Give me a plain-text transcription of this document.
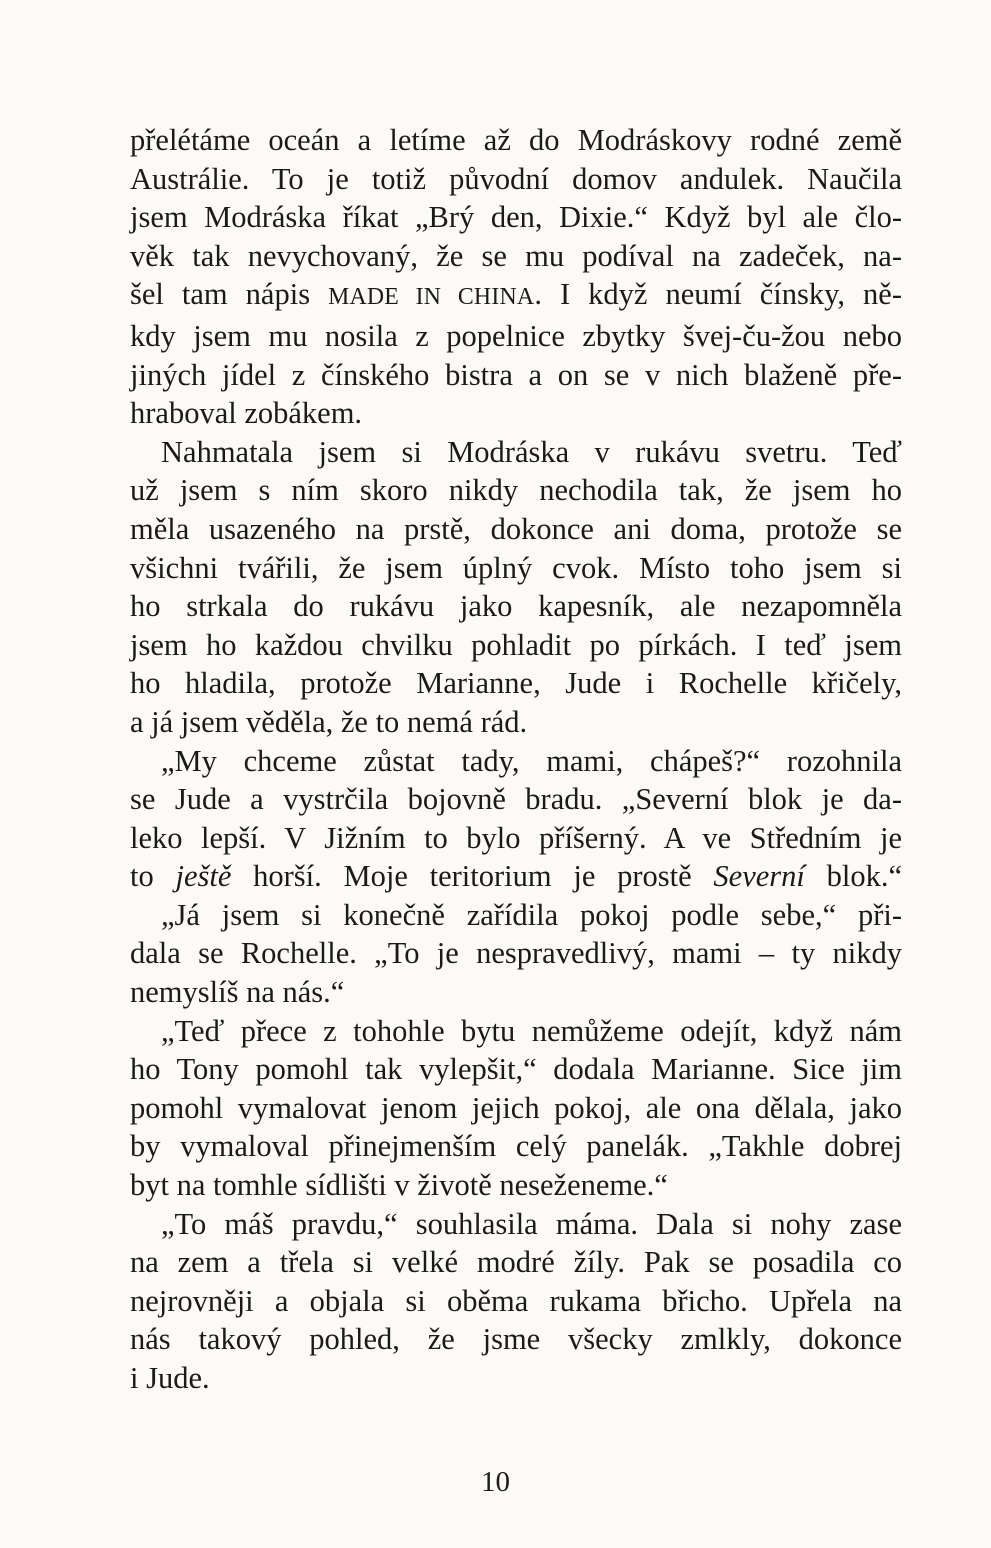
přelétáme oceán a letíme až do Modráskovy rodné země
Austrálie. To je totiž původní domov andulek. Naučila
jsem Modráska říkat „Brý den, Dixie.“ Když byl ale člo-
věk tak nevychovaný, že se mu podíval na zadeček, na-
šel tam nápis MADE IN CHINA. I když neumí čínsky, ně-
kdy jsem mu nosila z popelnice zbytky švej-ču-žou nebo
jiných jídel z čínského bistra a on se v nich blaženě pře-
hraboval zobákem.
Nahmatala jsem si Modráska v rukávu svetru. Teď
už jsem s ním skoro nikdy nechodila tak, že jsem ho
měla usazeného na prstě, dokonce ani doma, protože se
všichni tvářili, že jsem úplný cvok. Místo toho jsem si
ho strkala do rukávu jako kapesník, ale nezapomněla
jsem ho každou chvilku pohladit po pírkách. I teď jsem
ho hladila, protože Marianne, Jude i Rochelle křičely,
a já jsem věděla, že to nemá rád.
„My chceme zůstat tady, mami, chápeš?“ rozohnila
se Jude a vystrčila bojovně bradu. „Severní blok je da-
leko lepší. V Jižním to bylo příšerný. A ve Středním je
to ještě horší. Moje teritorium je prostě Severní blok.“
„Já jsem si konečně zařídila pokoj podle sebe,“ při-
dala se Rochelle. „To je nespravedlivý, mami – ty nikdy
nemyslíš na nás.“
„Teď přece z tohohle bytu nemůžeme odejít, když nám
ho Tony pomohl tak vylepšit,“ dodala Marianne. Sice jim
pomohl vymalovat jenom jejich pokoj, ale ona dělala, jako
by vymaloval přinejmenším celý panelák. „Takhle dobrej
byt na tomhle sídlišti v životě neseženeme.“
„To máš pravdu,“ souhlasila máma. Dala si nohy zase
na zem a třela si velké modré žíly. Pak se posadila co
nejrovněji a objala si oběma rukama břicho. Upřela na
nás takový pohled, že jsme všecky zmlkly, dokonce
i Jude.
10
